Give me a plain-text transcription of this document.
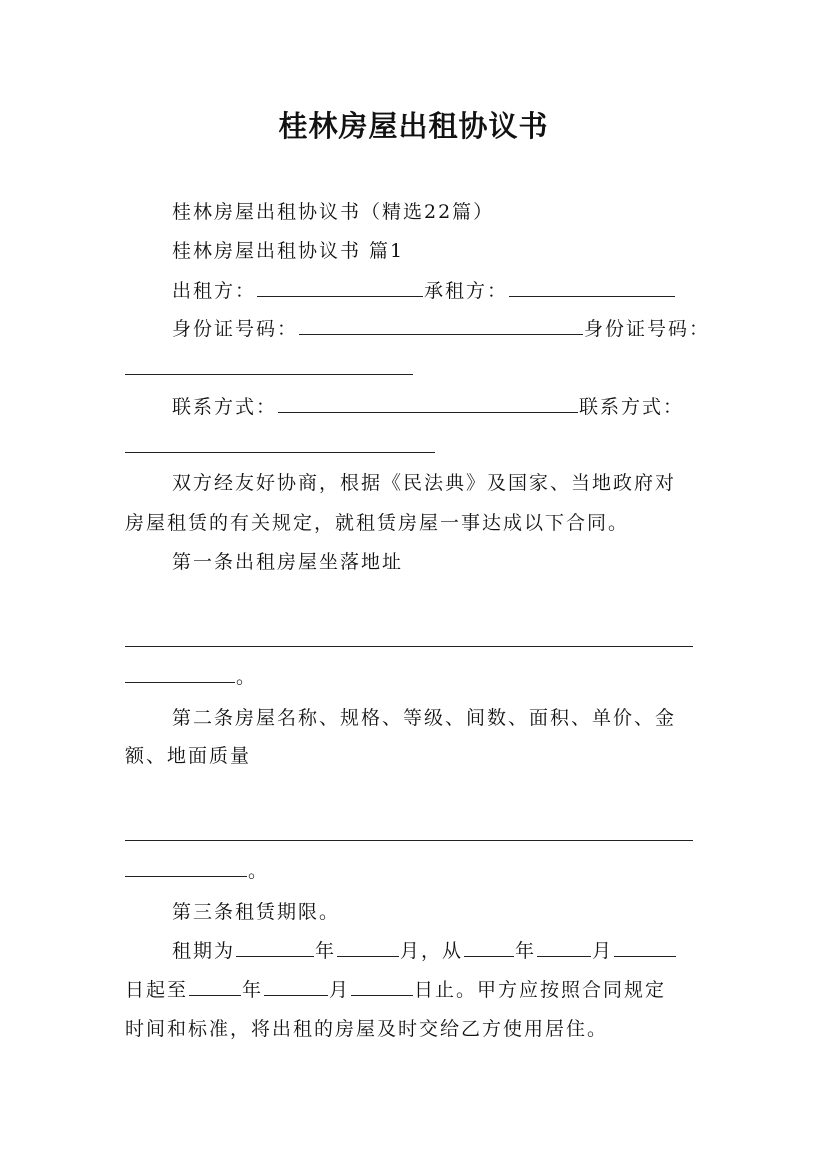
桂林房屋出租协议书
桂林房屋出租协议书（精选22篇）
桂林房屋出租协议书 篇1
出租方：	承租方：
身份证号码：	身份证号码：
联系方式：	联系方式：
双方经友好协商，根据《民法典》及国家、当地政府对
房屋租赁的有关规定，就租赁房屋一事达成以下合同。
第一条出租房屋坐落地址
。
第二条房屋名称、规格、等级、间数、面积、单价、金
额、地面质量
。
第三条租赁期限。
租期为	年	月，从	年	月
日起至	年	月	日止。甲方应按照合同规定
时间和标准，将出租的房屋及时交给乙方使用居住。
